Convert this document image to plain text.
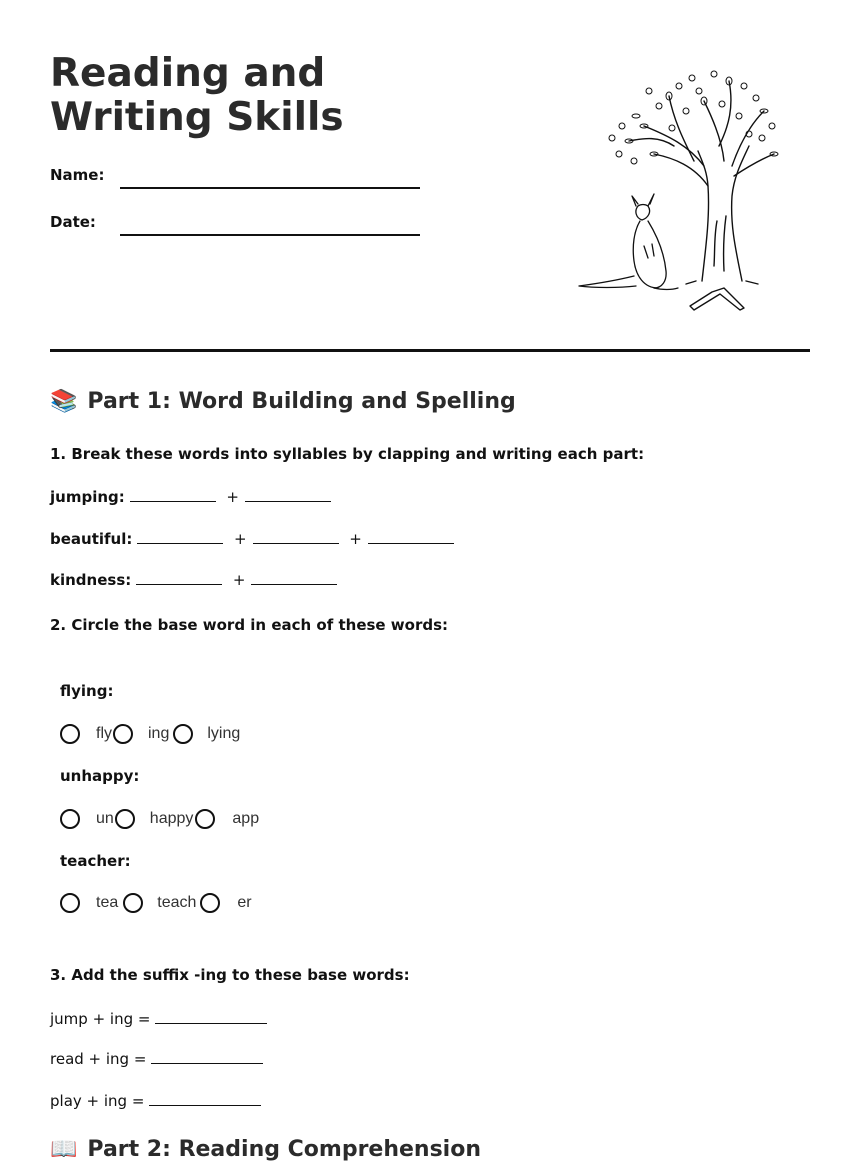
Reading and Writing Skills
Name:
Date:
📚 Part 1: Word Building and Spelling
1. Break these words into syllables by clapping and writing each part:
jumping:	+
beautiful:	+	+
kindness:	+
2. Circle the base word in each of these words:
flying:
fly ing lying
unhappy:
un happy app
teacher:
tea teach	er
3. Add the suffix -ing to these base words:
jump + ing =
read + ing =
play + ing =
📖 Part 2: Reading Comprehension
